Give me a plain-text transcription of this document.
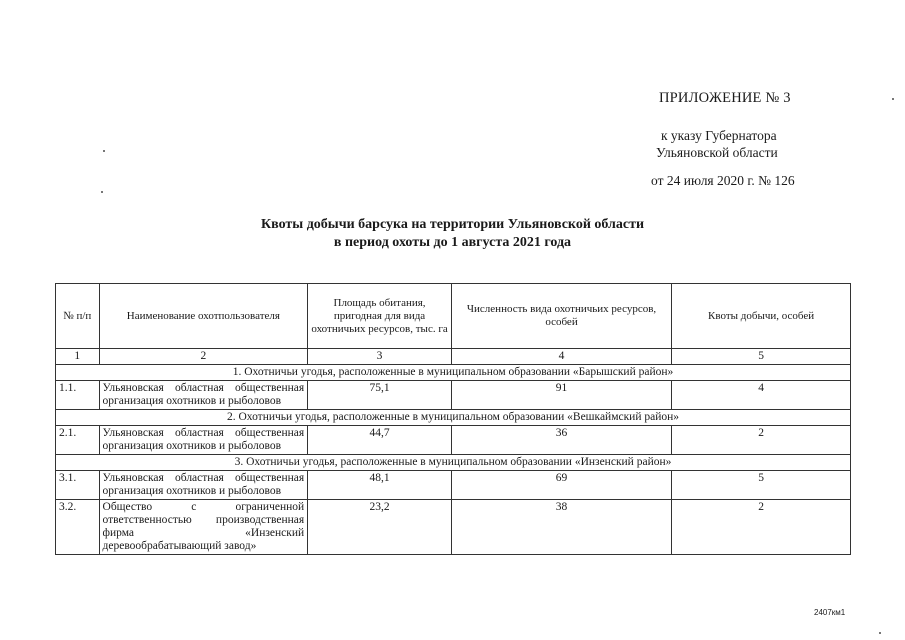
ПРИЛОЖЕНИЕ № 3
к указу Губернатора
Ульяновской области
от 24 июля 2020 г. № 126
Квоты добычи барсука на территории Ульяновской области
в период охоты до 1 августа 2021 года
№ п/п	Наименование охотпользователя	Площадь обитания, пригодная для вида охотничьих ресурсов, тыс. га	Численность вида охотничьих ресурсов, особей	Квоты добычи, особей
1	2	3	4	5
1. Охотничьи угодья, расположенные в муниципальном образовании «Барышский район»				
1.1.	Ульяновская областная общественная организация охотников и рыболовов	75,1	91	4
2. Охотничьи угодья, расположенные в муниципальном образовании «Вешкаймский район»				
2.1.	Ульяновская областная общественная организация охотников и рыболовов	44,7	36	2
3. Охотничьи угодья, расположенные в муниципальном образовании «Инзенский район»				
3.1.	Ульяновская областная общественная организация охотников и рыболовов	48,1	69	5
3.2.	Общество с ограниченной ответственностью производственная фирма «Инзенский деревообрабатывающий завод»	23,2	38	2
2407км1
